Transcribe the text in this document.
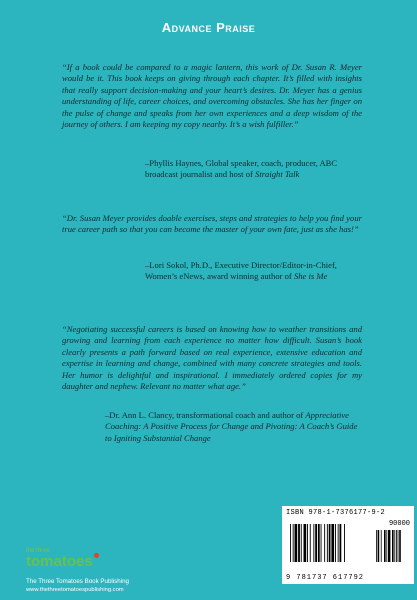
Advance Praise
“If a book could be compared to a magic lantern, this work of Dr. Susan R. Meyer would be it. This book keeps on giving through each chapter. It’s filled with insights that really support decision-making and your heart’s desires. Dr. Meyer has a genius understanding of life, career choices, and overcoming obstacles. She has her finger on the pulse of change and speaks from her own experiences and a deep wisdom of the journey of others. I am keeping my copy nearby. It’s a wish fulfiller.”
–Phyllis Haynes, Global speaker, coach, producer, ABC broadcast journalist and host of Straight Talk
“Dr. Susan Meyer provides doable exercises, steps and strategies to help you find your true career path so that you can become the master of your own fate, just as she has!”
–Lori Sokol, Ph.D., Executive Director/Editor-in-Chief, Women’s eNews, award winning author of She is Me
“Negotiating successful careers is based on knowing how to weather transitions and growing and learning from each experience no matter how difficult. Susan’s book clearly presents a path forward based on real experience, extensive education and expertise in learning and change, combined with many concrete strategies and tools. Her humor is delightful and inspirational. I immediately ordered copies for my daughter and nephew. Relevant no matter what age.”
–Dr. Ann L. Clancy, transformational coach and author of Appreciative Coaching: A Positive Process for Change and Pivoting: A Coach’s Guide to Igniting Substantial Change
the three
tomatoes
The Three Tomatoes Book Publishing
www.thethreetomatoespublishing.com
ISBN 978-1-7376177-9-2
90000
9 781737 617792
